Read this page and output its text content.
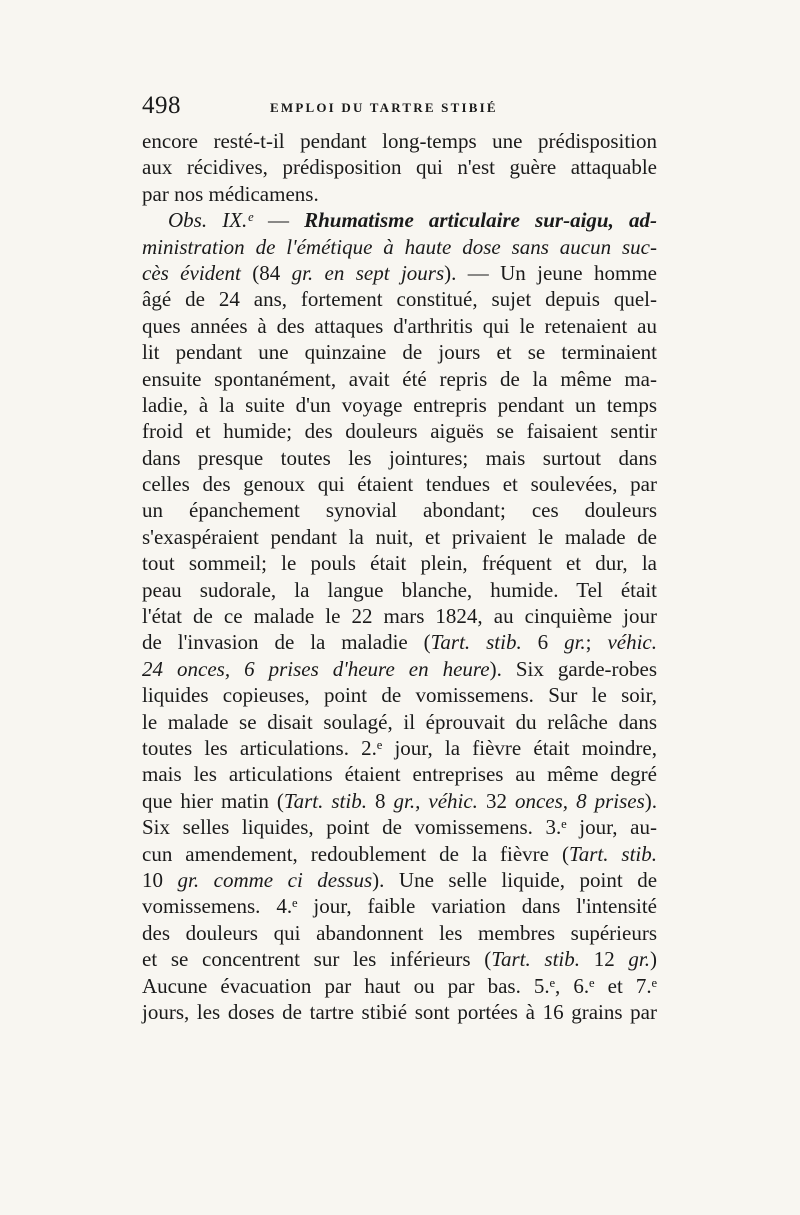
498	EMPLOI DU TARTRE STIBIÉ
encore resté-t-il pendant long-temps une prédisposition
aux récidives, prédisposition qui n'est guère attaquable
par nos médicamens.
Obs. IX.ᵉ — Rhumatisme articulaire sur-aigu, ad-
ministration de l'émétique à haute dose sans aucun suc-
cès évident (84 gr. en sept jours). — Un jeune homme
âgé de 24 ans, fortement constitué, sujet depuis quel-
ques années à des attaques d'arthritis qui le retenaient au
lit pendant une quinzaine de jours et se terminaient
ensuite spontanément, avait été repris de la même ma-
ladie, à la suite d'un voyage entrepris pendant un temps
froid et humide; des douleurs aiguës se faisaient sentir
dans presque toutes les jointures; mais surtout dans
celles des genoux qui étaient tendues et soulevées, par
un épanchement synovial abondant; ces douleurs
s'exaspéraient pendant la nuit, et privaient le malade de
tout sommeil; le pouls était plein, fréquent et dur, la
peau sudorale, la langue blanche, humide. Tel était
l'état de ce malade le 22 mars 1824, au cinquième jour
de l'invasion de la maladie (Tart. stib. 6 gr.; véhic.
24 onces, 6 prises d'heure en heure). Six garde-robes
liquides copieuses, point de vomissemens. Sur le soir,
le malade se disait soulagé, il éprouvait du relâche dans
toutes les articulations. 2.ᵉ jour, la fièvre était moindre,
mais les articulations étaient entreprises au même degré
que hier matin (Tart. stib. 8 gr., véhic. 32 onces, 8 prises).
Six selles liquides, point de vomissemens. 3.ᵉ jour, au-
cun amendement, redoublement de la fièvre (Tart. stib.
10 gr. comme ci dessus). Une selle liquide, point de
vomissemens. 4.ᵉ jour, faible variation dans l'intensité
des douleurs qui abandonnent les membres supérieurs
et se concentrent sur les inférieurs (Tart. stib. 12 gr.)
Aucune évacuation par haut ou par bas. 5.ᵉ, 6.ᵉ et 7.ᵉ
jours, les doses de tartre stibié sont portées à 16 grains par
